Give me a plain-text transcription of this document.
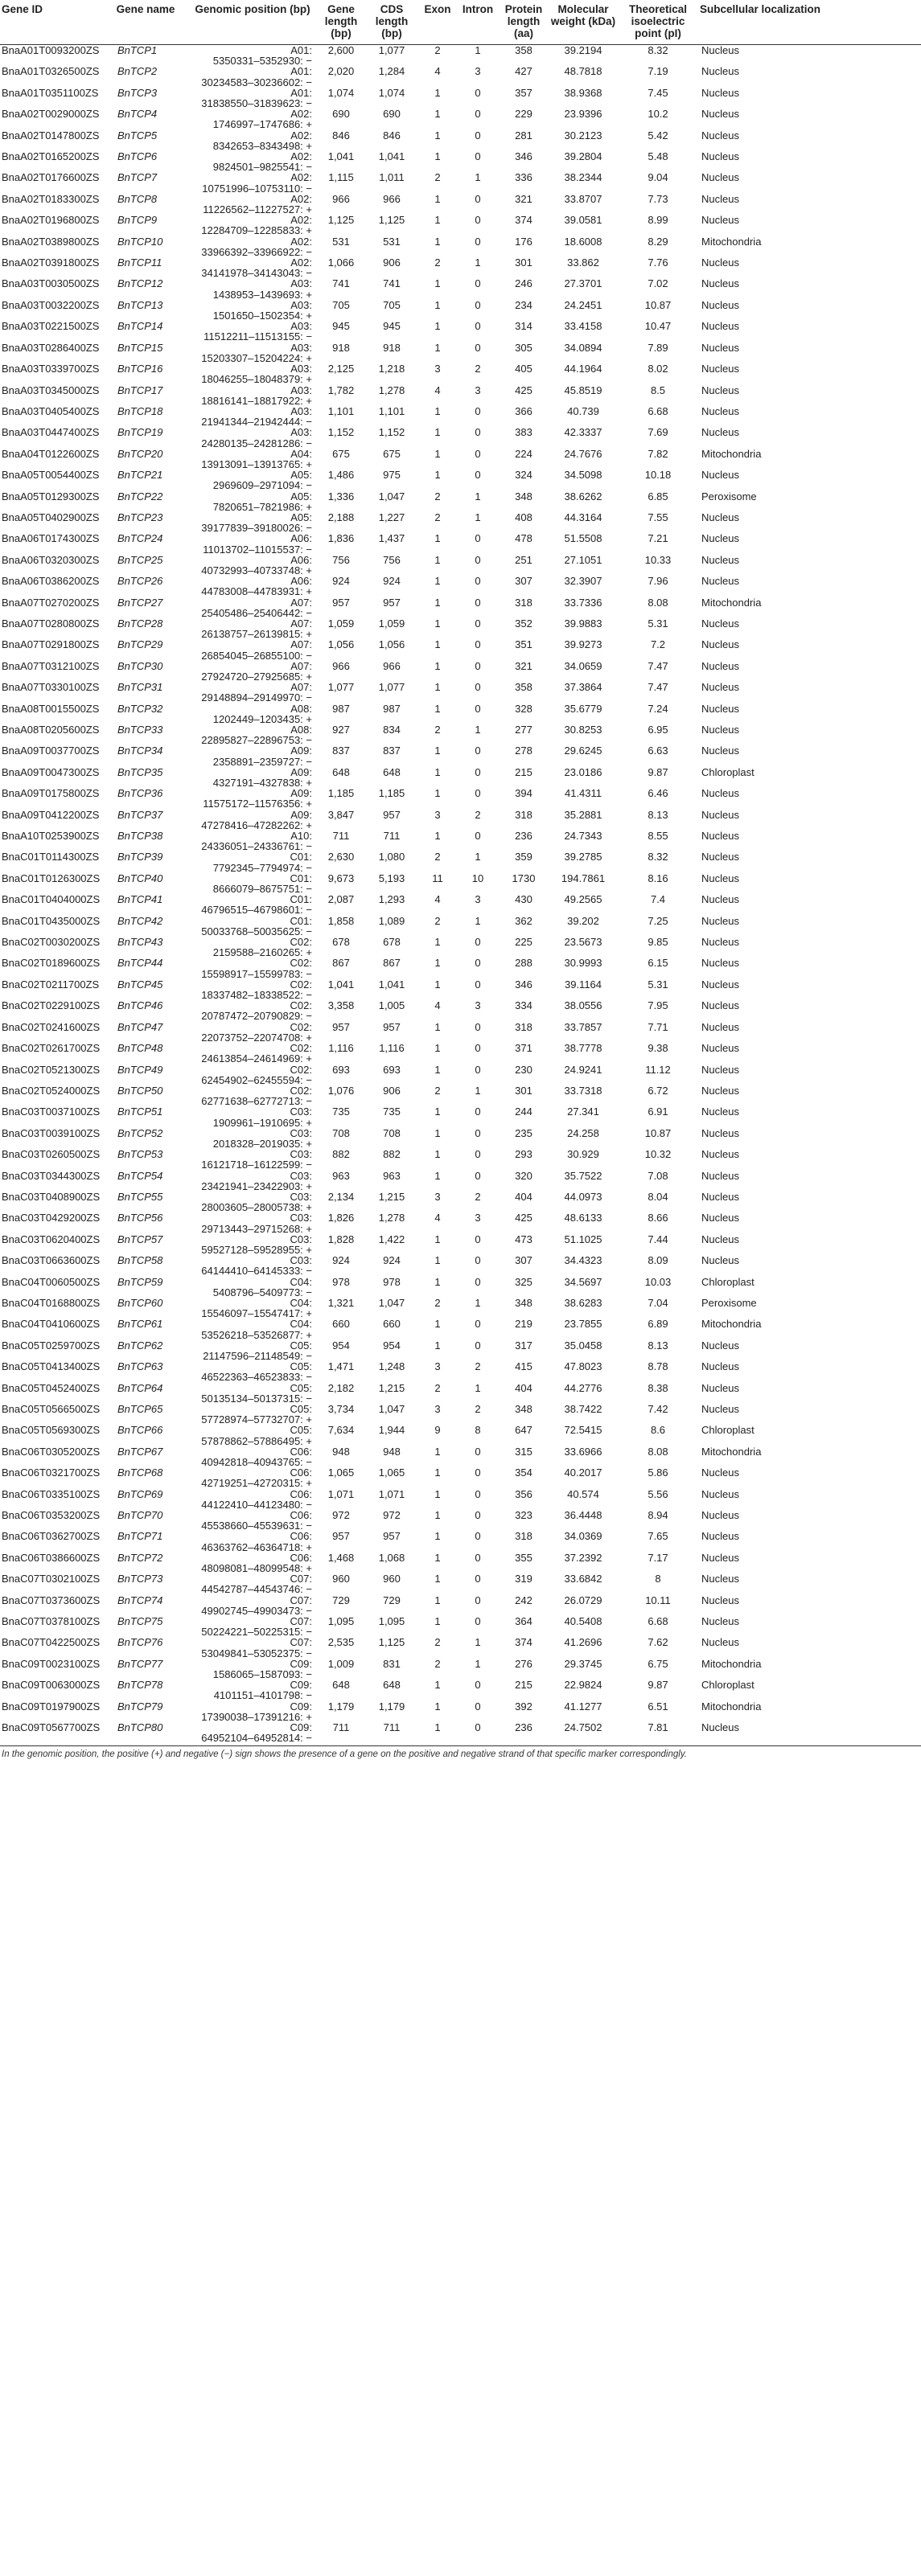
Gene ID	Gene name	Genomic position (bp)	Gene length (bp)	CDS length (bp)	Exon	Intron	Protein length (aa)	Molecular weight (kDa)	Theoretical isoelectric point (pI)	Subcellular localization
BnaA01T0093200ZS	BnTCP1	A01:
5350331–5352930: −	2,600	1,077	2	1	358	39.2194	8.32	Nucleus
BnaA01T0326500ZS	BnTCP2	A01:
30234583–30236602: −	2,020	1,284	4	3	427	48.7818	7.19	Nucleus
BnaA01T0351100ZS	BnTCP3	A01:
31838550–31839623: −	1,074	1,074	1	0	357	38.9368	7.45	Nucleus
BnaA02T0029000ZS	BnTCP4	A02:
1746997–1747686: +	690	690	1	0	229	23.9396	10.2	Nucleus
BnaA02T0147800ZS	BnTCP5	A02:
8342653–8343498: +	846	846	1	0	281	30.2123	5.42	Nucleus
BnaA02T0165200ZS	BnTCP6	A02:
9824501–9825541: −	1,041	1,041	1	0	346	39.2804	5.48	Nucleus
BnaA02T0176600ZS	BnTCP7	A02:
10751996–10753110: −	1,115	1,011	2	1	336	38.2344	9.04	Nucleus
BnaA02T0183300ZS	BnTCP8	A02:
11226562–11227527: +	966	966	1	0	321	33.8707	7.73	Nucleus
BnaA02T0196800ZS	BnTCP9	A02:
12284709–12285833: +	1,125	1,125	1	0	374	39.0581	8.99	Nucleus
BnaA02T0389800ZS	BnTCP10	A02:
33966392–33966922: −	531	531	1	0	176	18.6008	8.29	Mitochondria
BnaA02T0391800ZS	BnTCP11	A02:
34141978–34143043: −	1,066	906	2	1	301	33.862	7.76	Nucleus
BnaA03T0030500ZS	BnTCP12	A03:
1438953–1439693: +	741	741	1	0	246	27.3701	7.02	Nucleus
BnaA03T0032200ZS	BnTCP13	A03:
1501650–1502354: +	705	705	1	0	234	24.2451	10.87	Nucleus
BnaA03T0221500ZS	BnTCP14	A03:
11512211–11513155: −	945	945	1	0	314	33.4158	10.47	Nucleus
BnaA03T0286400ZS	BnTCP15	A03:
15203307–15204224: +	918	918	1	0	305	34.0894	7.89	Nucleus
BnaA03T0339700ZS	BnTCP16	A03:
18046255–18048379: +	2,125	1,218	3	2	405	44.1964	8.02	Nucleus
BnaA03T0345000ZS	BnTCP17	A03:
18816141–18817922: +	1,782	1,278	4	3	425	45.8519	8.5	Nucleus
BnaA03T0405400ZS	BnTCP18	A03:
21941344–21942444: −	1,101	1,101	1	0	366	40.739	6.68	Nucleus
BnaA03T0447400ZS	BnTCP19	A03:
24280135–24281286: −	1,152	1,152	1	0	383	42.3337	7.69	Nucleus
BnaA04T0122600ZS	BnTCP20	A04:
13913091–13913765: +	675	675	1	0	224	24.7676	7.82	Mitochondria
BnaA05T0054400ZS	BnTCP21	A05:
2969609–2971094: −	1,486	975	1	0	324	34.5098	10.18	Nucleus
BnaA05T0129300ZS	BnTCP22	A05:
7820651–7821986: +	1,336	1,047	2	1	348	38.6262	6.85	Peroxisome
BnaA05T0402900ZS	BnTCP23	A05:
39177839–39180026: −	2,188	1,227	2	1	408	44.3164	7.55	Nucleus
BnaA06T0174300ZS	BnTCP24	A06:
11013702–11015537: −	1,836	1,437	1	0	478	51.5508	7.21	Nucleus
BnaA06T0320300ZS	BnTCP25	A06:
40732993–40733748: +	756	756	1	0	251	27.1051	10.33	Nucleus
BnaA06T0386200ZS	BnTCP26	A06:
44783008–44783931: +	924	924	1	0	307	32.3907	7.96	Nucleus
BnaA07T0270200ZS	BnTCP27	A07:
25405486–25406442: −	957	957	1	0	318	33.7336	8.08	Mitochondria
BnaA07T0280800ZS	BnTCP28	A07:
26138757–26139815: +	1,059	1,059	1	0	352	39.9883	5.31	Nucleus
BnaA07T0291800ZS	BnTCP29	A07:
26854045–26855100: −	1,056	1,056	1	0	351	39.9273	7.2	Nucleus
BnaA07T0312100ZS	BnTCP30	A07:
27924720–27925685: +	966	966	1	0	321	34.0659	7.47	Nucleus
BnaA07T0330100ZS	BnTCP31	A07:
29148894–29149970: −	1,077	1,077	1	0	358	37.3864	7.47	Nucleus
BnaA08T0015500ZS	BnTCP32	A08:
1202449–1203435: +	987	987	1	0	328	35.6779	7.24	Nucleus
BnaA08T0205600ZS	BnTCP33	A08:
22895827–22896753: −	927	834	2	1	277	30.8253	6.95	Nucleus
BnaA09T0037700ZS	BnTCP34	A09:
2358891–2359727: −	837	837	1	0	278	29.6245	6.63	Nucleus
BnaA09T0047300ZS	BnTCP35	A09:
4327191–4327838: +	648	648	1	0	215	23.0186	9.87	Chloroplast
BnaA09T0175800ZS	BnTCP36	A09:
11575172–11576356: +	1,185	1,185	1	0	394	41.4311	6.46	Nucleus
BnaA09T0412200ZS	BnTCP37	A09:
47278416–47282262: +	3,847	957	3	2	318	35.2881	8.13	Nucleus
BnaA10T0253900ZS	BnTCP38	A10:
24336051–24336761: −	711	711	1	0	236	24.7343	8.55	Nucleus
BnaC01T0114300ZS	BnTCP39	C01:
7792345–7794974: −	2,630	1,080	2	1	359	39.2785	8.32	Nucleus
BnaC01T0126300ZS	BnTCP40	C01:
8666079–8675751: −	9,673	5,193	11	10	1730	194.7861	8.16	Nucleus
BnaC01T0404000ZS	BnTCP41	C01:
46796515–46798601: −	2,087	1,293	4	3	430	49.2565	7.4	Nucleus
BnaC01T0435000ZS	BnTCP42	C01:
50033768–50035625: −	1,858	1,089	2	1	362	39.202	7.25	Nucleus
BnaC02T0030200ZS	BnTCP43	C02:
2159588–2160265: +	678	678	1	0	225	23.5673	9.85	Nucleus
BnaC02T0189600ZS	BnTCP44	C02:
15598917–15599783: −	867	867	1	0	288	30.9993	6.15	Nucleus
BnaC02T0211700ZS	BnTCP45	C02:
18337482–18338522: −	1,041	1,041	1	0	346	39.1164	5.31	Nucleus
BnaC02T0229100ZS	BnTCP46	C02:
20787472–20790829: −	3,358	1,005	4	3	334	38.0556	7.95	Nucleus
BnaC02T0241600ZS	BnTCP47	C02:
22073752–22074708: +	957	957	1	0	318	33.7857	7.71	Nucleus
BnaC02T0261700ZS	BnTCP48	C02:
24613854–24614969: +	1,116	1,116	1	0	371	38.7778	9.38	Nucleus
BnaC02T0521300ZS	BnTCP49	C02:
62454902–62455594: −	693	693	1	0	230	24.9241	11.12	Nucleus
BnaC02T0524000ZS	BnTCP50	C02:
62771638–62772713: −	1,076	906	2	1	301	33.7318	6.72	Nucleus
BnaC03T0037100ZS	BnTCP51	C03:
1909961–1910695: +	735	735	1	0	244	27.341	6.91	Nucleus
BnaC03T0039100ZS	BnTCP52	C03:
2018328–2019035: +	708	708	1	0	235	24.258	10.87	Nucleus
BnaC03T0260500ZS	BnTCP53	C03:
16121718–16122599: −	882	882	1	0	293	30.929	10.32	Nucleus
BnaC03T0344300ZS	BnTCP54	C03:
23421941–23422903: +	963	963	1	0	320	35.7522	7.08	Nucleus
BnaC03T0408900ZS	BnTCP55	C03:
28003605–28005738: +	2,134	1,215	3	2	404	44.0973	8.04	Nucleus
BnaC03T0429200ZS	BnTCP56	C03:
29713443–29715268: +	1,826	1,278	4	3	425	48.6133	8.66	Nucleus
BnaC03T0620400ZS	BnTCP57	C03:
59527128–59528955: +	1,828	1,422	1	0	473	51.1025	7.44	Nucleus
BnaC03T0663600ZS	BnTCP58	C03:
64144410–64145333: −	924	924	1	0	307	34.4323	8.09	Nucleus
BnaC04T0060500ZS	BnTCP59	C04:
5408796–5409773: −	978	978	1	0	325	34.5697	10.03	Chloroplast
BnaC04T0168800ZS	BnTCP60	C04:
15546097–15547417: +	1,321	1,047	2	1	348	38.6283	7.04	Peroxisome
BnaC04T0410600ZS	BnTCP61	C04:
53526218–53526877: +	660	660	1	0	219	23.7855	6.89	Mitochondria
BnaC05T0259700ZS	BnTCP62	C05:
21147596–21148549: −	954	954	1	0	317	35.0458	8.13	Nucleus
BnaC05T0413400ZS	BnTCP63	C05:
46522363–46523833: −	1,471	1,248	3	2	415	47.8023	8.78	Nucleus
BnaC05T0452400ZS	BnTCP64	C05:
50135134–50137315: −	2,182	1,215	2	1	404	44.2776	8.38	Nucleus
BnaC05T0566500ZS	BnTCP65	C05:
57728974–57732707: +	3,734	1,047	3	2	348	38.7422	7.42	Nucleus
BnaC05T0569300ZS	BnTCP66	C05:
57878862–57886495: +	7,634	1,944	9	8	647	72.5415	8.6	Chloroplast
BnaC06T0305200ZS	BnTCP67	C06:
40942818–40943765: −	948	948	1	0	315	33.6966	8.08	Mitochondria
BnaC06T0321700ZS	BnTCP68	C06:
42719251–42720315: +	1,065	1,065	1	0	354	40.2017	5.86	Nucleus
BnaC06T0335100ZS	BnTCP69	C06:
44122410–44123480: −	1,071	1,071	1	0	356	40.574	5.56	Nucleus
BnaC06T0353200ZS	BnTCP70	C06:
45538660–45539631: −	972	972	1	0	323	36.4448	8.94	Nucleus
BnaC06T0362700ZS	BnTCP71	C06:
46363762–46364718: +	957	957	1	0	318	34.0369	7.65	Nucleus
BnaC06T0386600ZS	BnTCP72	C06:
48098081–48099548: +	1,468	1,068	1	0	355	37.2392	7.17	Nucleus
BnaC07T0302100ZS	BnTCP73	C07:
44542787–44543746: −	960	960	1	0	319	33.6842	8	Nucleus
BnaC07T0373600ZS	BnTCP74	C07:
49902745–49903473: −	729	729	1	0	242	26.0729	10.11	Nucleus
BnaC07T0378100ZS	BnTCP75	C07:
50224221–50225315: −	1,095	1,095	1	0	364	40.5408	6.68	Nucleus
BnaC07T0422500ZS	BnTCP76	C07:
53049841–53052375: −	2,535	1,125	2	1	374	41.2696	7.62	Nucleus
BnaC09T0023100ZS	BnTCP77	C09:
1586065–1587093: −	1,009	831	2	1	276	29.3745	6.75	Mitochondria
BnaC09T0063000ZS	BnTCP78	C09:
4101151–4101798: −	648	648	1	0	215	22.9824	9.87	Chloroplast
BnaC09T0197900ZS	BnTCP79	C09:
17390038–17391216: +	1,179	1,179	1	0	392	41.1277	6.51	Mitochondria
BnaC09T0567700ZS	BnTCP80	C09:
64952104–64952814: −	711	711	1	0	236	24.7502	7.81	Nucleus
In the genomic position, the positive (+) and negative (−) sign shows the presence of a gene on the positive and negative strand of that specific marker correspondingly.
